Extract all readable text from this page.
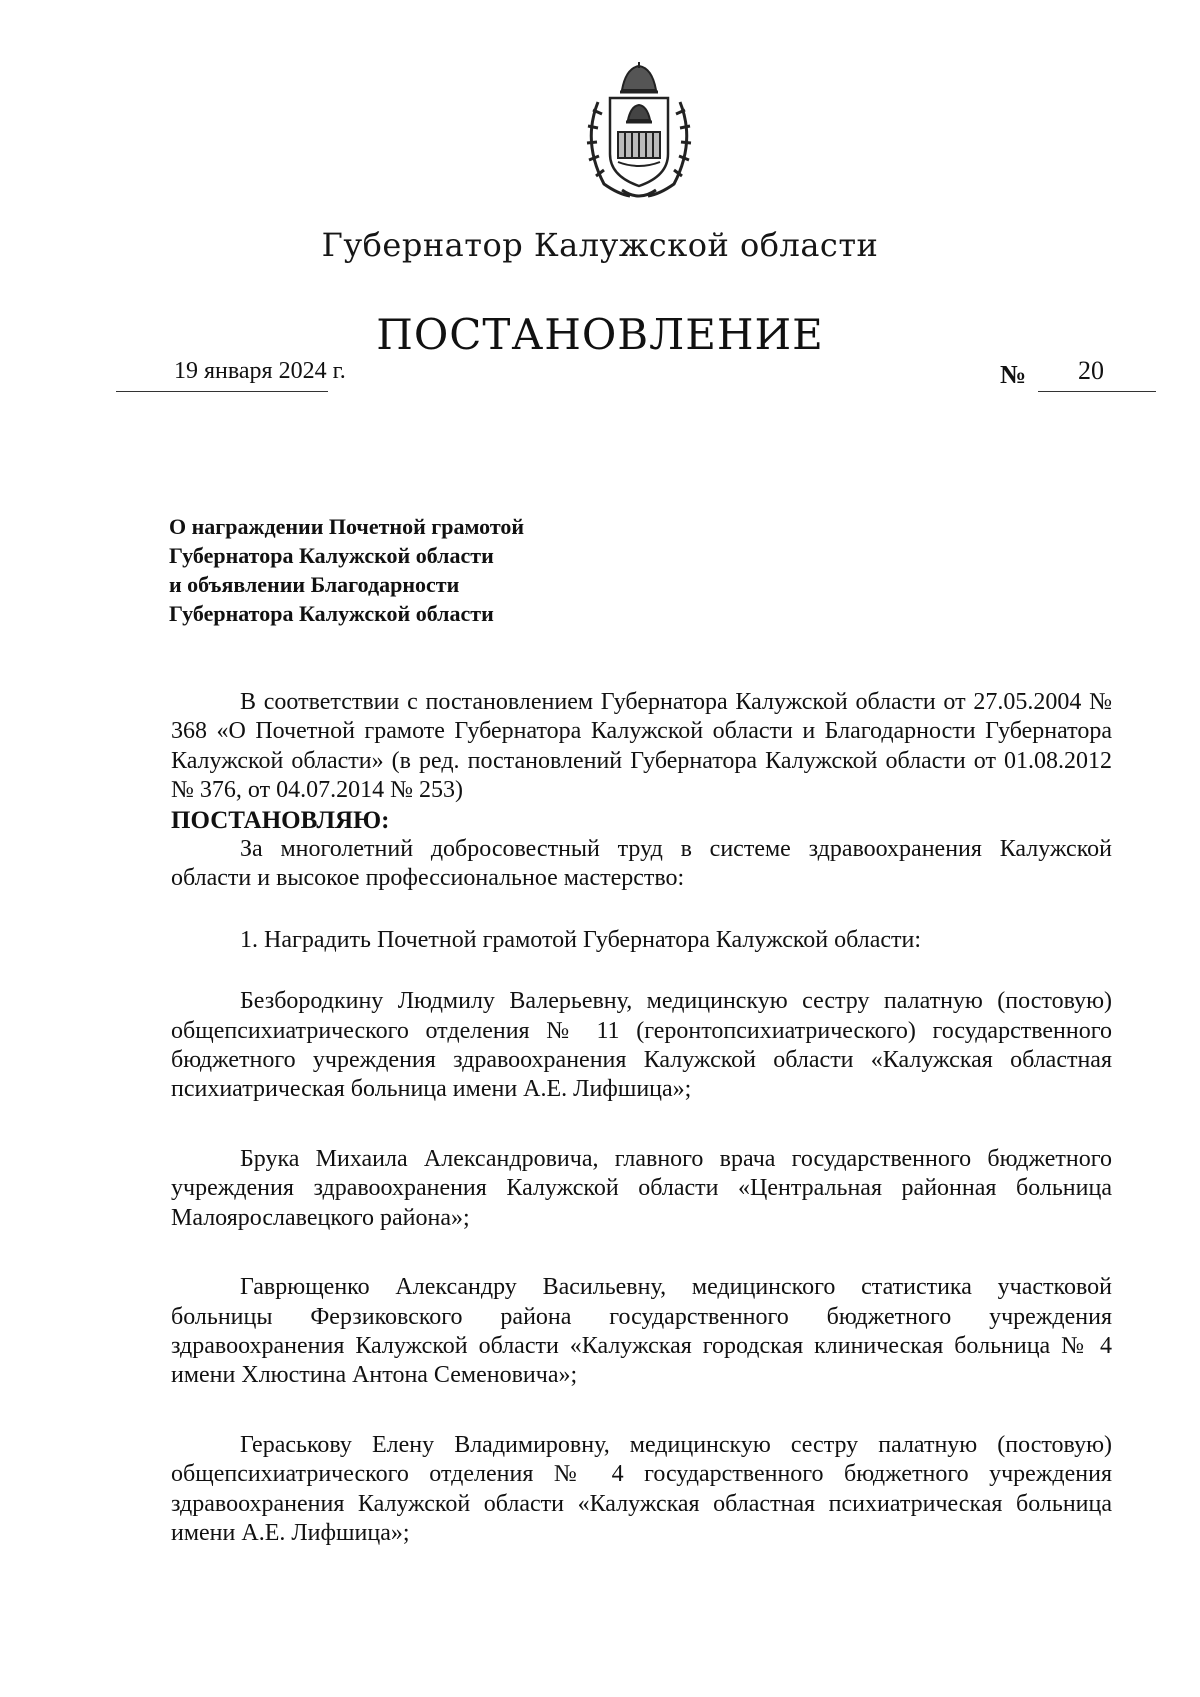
Губернатор Калужской области
ПОСТАНОВЛЕНИЕ
19 января 2024 г.	№ 20
О награждении Почетной грамотой
Губернатора Калужской области
и объявлении Благодарности
Губернатора Калужской области

В соответствии с постановлением Губернатора Калужской области от 27.05.2004 № 368 «О Почетной грамоте Губернатора Калужской области и Благодарности Губернатора Калужской области» (в ред. постановлений Губернатора Калужской области от 01.08.2012 № 376, от 04.07.2014 № 253)

ПОСТАНОВЛЯЮ:

За многолетний добросовестный труд в системе здравоохранения Калужской области и высокое профессиональное мастерство:

1. Наградить Почетной грамотой Губернатора Калужской области:

Безбородкину Людмилу Валерьевну, медицинскую сестру палатную (постовую) общепсихиатрического отделения № 11 (геронтопсихиатрического) государственного бюджетного учреждения здравоохранения Калужской области «Калужская областная психиатрическая больница имени А.Е. Лифшица»;

Брука Михаила Александровича, главного врача государственного бюджетного учреждения здравоохранения Калужской области «Центральная районная больница Малоярославецкого района»;

Гаврющенко Александру Васильевну, медицинского статистика участковой больницы Ферзиковского района государственного бюджетного учреждения здравоохранения Калужской области «Калужская городская клиническая больница № 4 имени Хлюстина Антона Семеновича»;

Гераськову Елену Владимировну, медицинскую сестру палатную (постовую) общепсихиатрического отделения № 4 государственного бюджетного учреждения здравоохранения Калужской области «Калужская областная психиатрическая больница имени А.Е. Лифшица»;
